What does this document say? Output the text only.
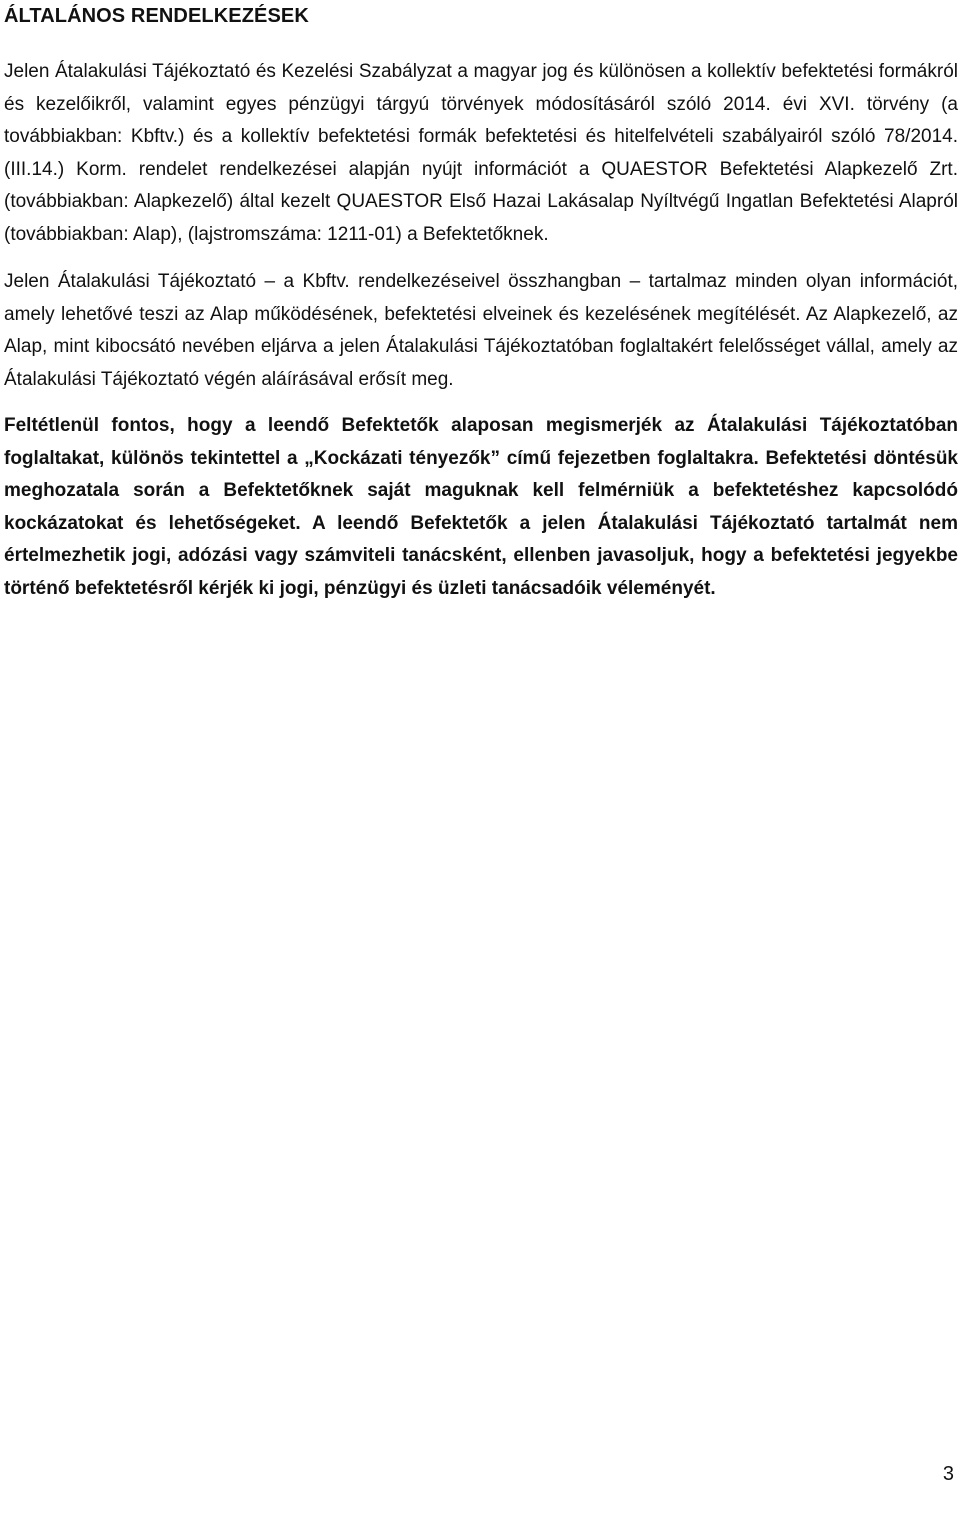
ÁLTALÁNOS RENDELKEZÉSEK

Jelen Átalakulási Tájékoztató és Kezelési Szabályzat a magyar jog és különösen a kollektív befektetési formákról és kezelőikről, valamint egyes pénzügyi tárgyú törvények módosításáról szóló 2014. évi XVI. törvény (a továbbiakban: Kbftv.) és a kollektív befektetési formák befektetési és hitelfelvételi szabályairól szóló 78/2014. (III.14.) Korm. rendelet rendelkezései alapján nyújt információt a QUAESTOR Befektetési Alapkezelő Zrt. (továbbiakban: Alapkezelő) által kezelt QUAESTOR Első Hazai Lakásalap Nyíltvégű Ingatlan Befektetési Alapról (továbbiakban: Alap), (lajstromszáma: 1211-01) a Befektetőknek.

Jelen Átalakulási Tájékoztató – a Kbftv. rendelkezéseivel összhangban – tartalmaz minden olyan információt, amely lehetővé teszi az Alap működésének, befektetési elveinek és kezelésének megítélését. Az Alapkezelő, az Alap, mint kibocsátó nevében eljárva a jelen Átalakulási Tájékoztatóban foglaltakért felelősséget vállal, amely az Átalakulási Tájékoztató végén aláírásával erősít meg.

Feltétlenül fontos, hogy a leendő Befektetők alaposan megismerjék az Átalakulási Tájékoztatóban foglaltakat, különös tekintettel a „Kockázati tényezők” című fejezetben foglaltakra. Befektetési döntésük meghozatala során a Befektetőknek saját maguknak kell felmérniük a befektetéshez kapcsolódó kockázatokat és lehetőségeket. A leendő Befektetők a jelen Átalakulási Tájékoztató tartalmát nem értelmezhetik jogi, adózási vagy számviteli tanácsként, ellenben javasoljuk, hogy a befektetési jegyekbe történő befektetésről kérjék ki jogi, pénzügyi és üzleti tanácsadóik véleményét.

3
